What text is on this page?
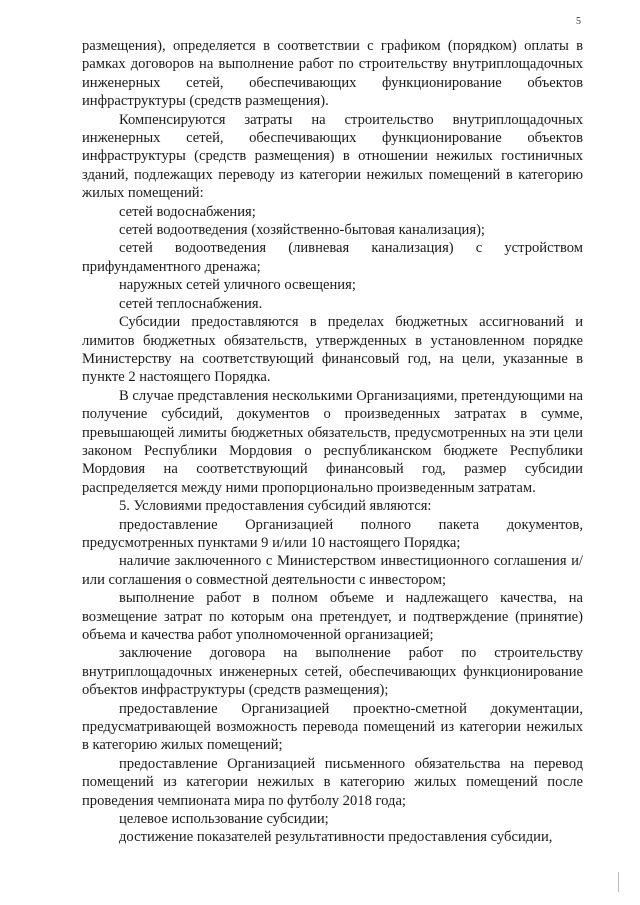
5

размещения), определяется в соответствии с графиком (порядком) оплаты в рамках договоров на выполнение работ по строительству внутриплощадочных инженерных сетей, обеспечивающих функционирование объектов инфраструктуры (средств размещения).

Компенсируются затраты на строительство внутриплощадочных инженерных сетей, обеспечивающих функционирование объектов инфраструктуры (средств размещения) в отношении нежилых гостиничных зданий, подлежащих переводу из категории нежилых помещений в категорию жилых помещений:

сетей водоснабжения;

сетей водоотведения (хозяйственно-бытовая канализация);

сетей водоотведения (ливневая канализация) с устройством прифундаментного дренажа;

наружных сетей уличного освещения;

сетей теплоснабжения.

Субсидии предоставляются в пределах бюджетных ассигнований и лимитов бюджетных обязательств, утвержденных в установленном порядке Министерству на соответствующий финансовый год, на цели, указанные в пункте 2 настоящего Порядка.

В случае представления несколькими Организациями, претендующими на получение субсидий, документов о произведенных затратах в сумме, превышающей лимиты бюджетных обязательств, предусмотренных на эти цели законом Республики Мордовия о республиканском бюджете Республики Мордовия на соответствующий финансовый год, размер субсидии распределяется между ними пропорционально произведенным затратам.

5. Условиями предоставления субсидий являются:

предоставление Организацией полного пакета документов, предусмотренных пунктами 9 и/или 10 настоящего Порядка;

наличие заключенного с Министерством инвестиционного соглашения и/или соглашения о совместной деятельности с инвестором;

выполнение работ в полном объеме и надлежащего качества, на возмещение затрат по которым она претендует, и подтверждение (принятие) объема и качества работ уполномоченной организацией;

заключение договора на выполнение работ по строительству внутриплощадочных инженерных сетей, обеспечивающих функционирование объектов инфраструктуры (средств размещения);

предоставление Организацией проектно-сметной документации, предусматривающей возможность перевода помещений из категории нежилых в категорию жилых помещений;

предоставление Организацией письменного обязательства на перевод помещений из категории нежилых в категорию жилых помещений после проведения чемпионата мира по футболу 2018 года;

целевое использование субсидии;

достижение показателей результативности предоставления субсидии,
